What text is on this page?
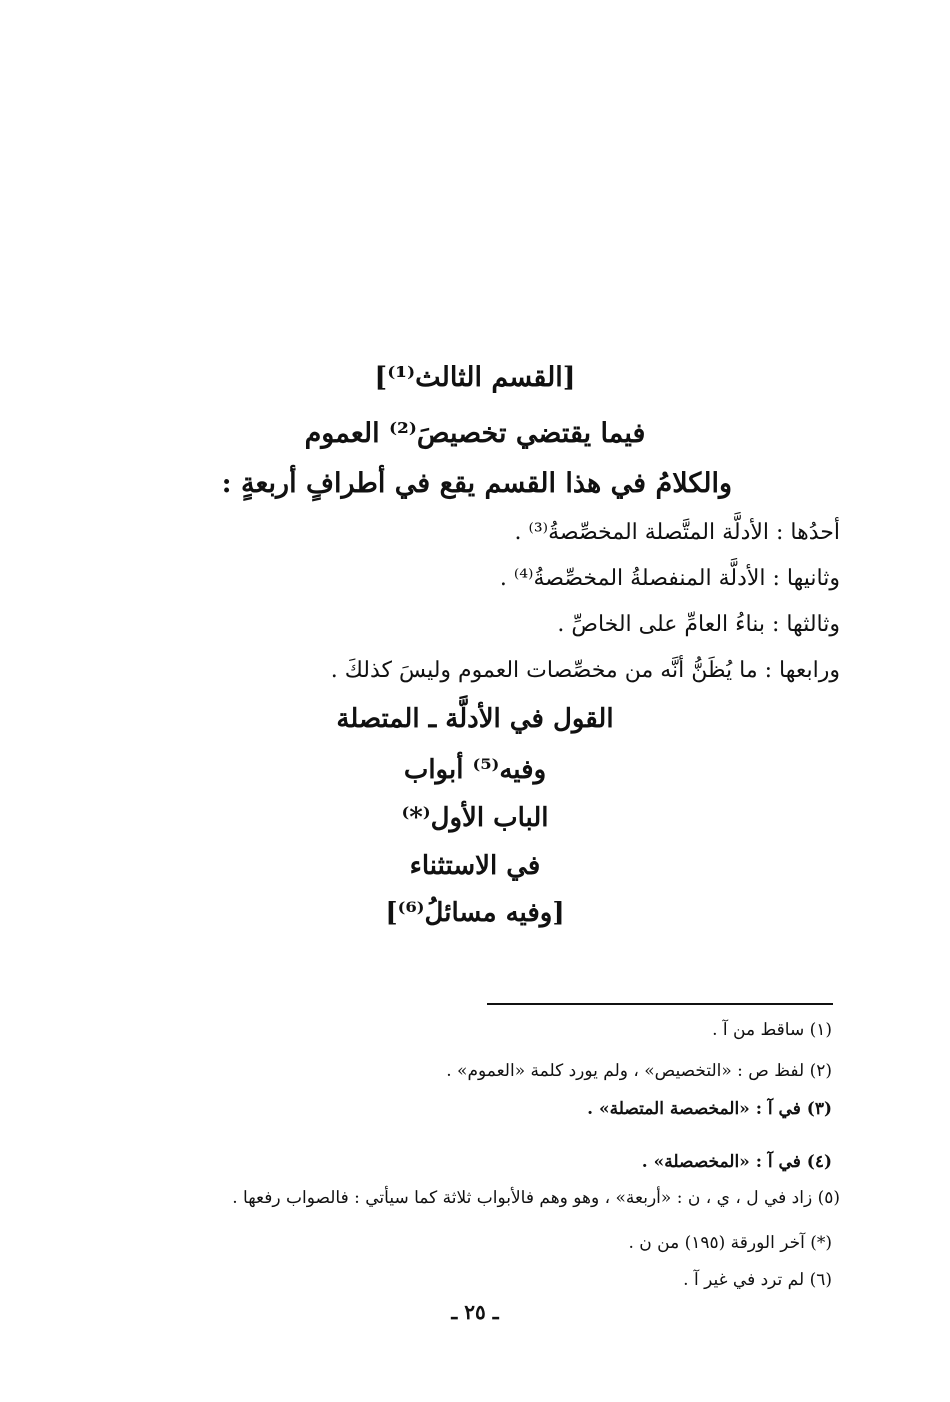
[القسم الثالث⁽¹⁾]
فيما يقتضي تخصيصَ⁽²⁾ العموم
والكلامُ في هذا القسم يقع في أطرافٍ أربعةٍ :
أحدُها : الأدلَّة المتَّصلة المخصِّصةُ⁽³⁾ .
وثانيها : الأدلَّة المنفصلةُ المخصِّصةُ⁽⁴⁾ .
وثالثها : بناءُ العامِّ على الخاصِّ .
ورابعها : ما يُظَنُّ أنَّه من مخصِّصات العموم وليسَ كذلكَ .
القول في الأدلَّة ـ المتصلة
وفيه⁽⁵⁾ أبواب
الباب الأول⁽*⁾
في الاستثناء
[وفيه مسائلُ⁽⁶⁾]
(١) ساقط من آ .
(٢) لفظ ص : «التخصيص» ، ولم يورد كلمة «العموم» .
(٣) في آ : «المخصصة المتصلة» .
(٤) في آ : «المخصصلة» .
(٥) زاد في ل ، ي ، ن : «أربعة» ، وهو وهم فالأبواب ثلاثة كما سيأتي : فالصواب رفعها .
(*) آخر الورقة (١٩٥) من ن .
(٦) لم ترد في غير آ .
ـ ٢٥ ـ
